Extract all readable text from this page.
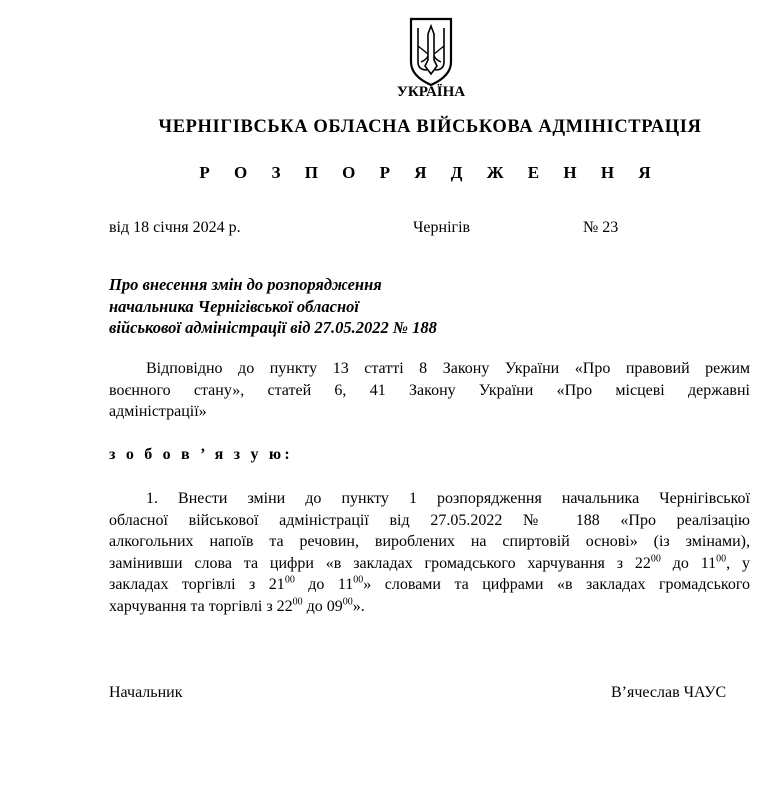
УКРАЇНА
ЧЕРНІГІВСЬКА ОБЛАСНА ВІЙСЬКОВА АДМІНІСТРАЦІЯ
Р О З П О Р Я Д Ж Е Н Н Я
від 18 січня 2024 р.	Чернігів	№ 23
Про внесення змін до розпорядження
начальника Чернігівської обласної
військової адміністрації від 27.05.2022 № 188
Відповідно до пункту 13 статті 8 Закону України «Про правовий режим
воєнного стану», статей 6, 41 Закону України «Про місцеві державні
адміністрації»
з о б о в ’ я з у ю:
1. Внести зміни до пункту 1 розпорядження начальника Чернігівської
обласної військової адміністрації від 27.05.2022 № 188 «Про реалізацію
алкогольних напоїв та речовин, вироблених на спиртовій основі» (із змінами),
замінивши слова та цифри «в закладах громадського харчування з $22^{00}$ до $11^{00}$, у
закладах торгівлі з $21^{00}$ до $11^{00}$» словами та цифрами «в закладах громадського
харчування та торгівлі з $22^{00}$ до $09^{00}$».
Начальник	В’ячеслав ЧАУС
